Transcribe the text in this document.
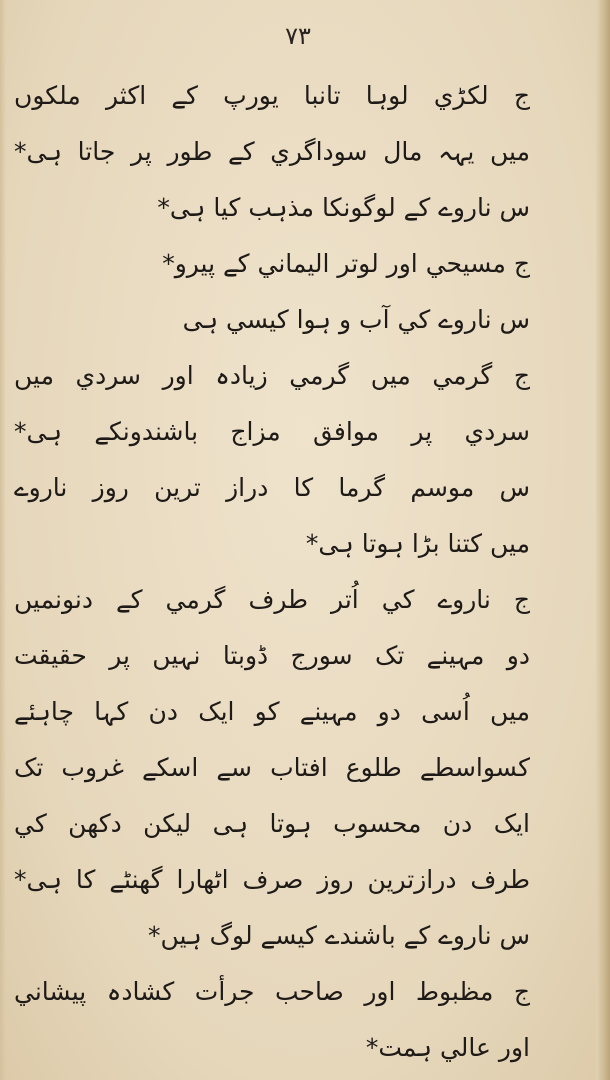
۷۳
ج لکڑي لوہا تانبا یورپ کے اکثر ملکوں
میں یہہ مال سوداگري کے طور پر جاتا ہی*
س ناروے کے لوگونکا مذہب کیا ہی*
ج مسیحي اور لوتر الیماني کے پیرو*
س ناروے کي آب و ہوا کیسي ہی
ج گرمي میں گرمي زیادہ اور سردي میں
سردي پر موافق مزاج باشندونکے ہی*
س موسم گرما کا دراز ترین روز ناروے
میں کتنا بڑا ہوتا ہی*
ج ناروے کي اُتر طرف گرمي کے دنونمیں
دو مہینے تک سورج ڈوبتا نہیں پر حقیقت
میں اُسی دو مہینے کو ایک دن کہا چاہئے
کسواسطے طلوع افتاب سے اسکے غروب تک
ایک دن محسوب ہوتا ہی لیکن دکھن کي
طرف درازترین روز صرف اٹھارا گھنٹے کا ہی*
س ناروے کے باشندے کیسے لوگ ہیں*
ج مظبوط اور صاحب جرأت کشادہ پیشاني
اور عالي ہمت*
